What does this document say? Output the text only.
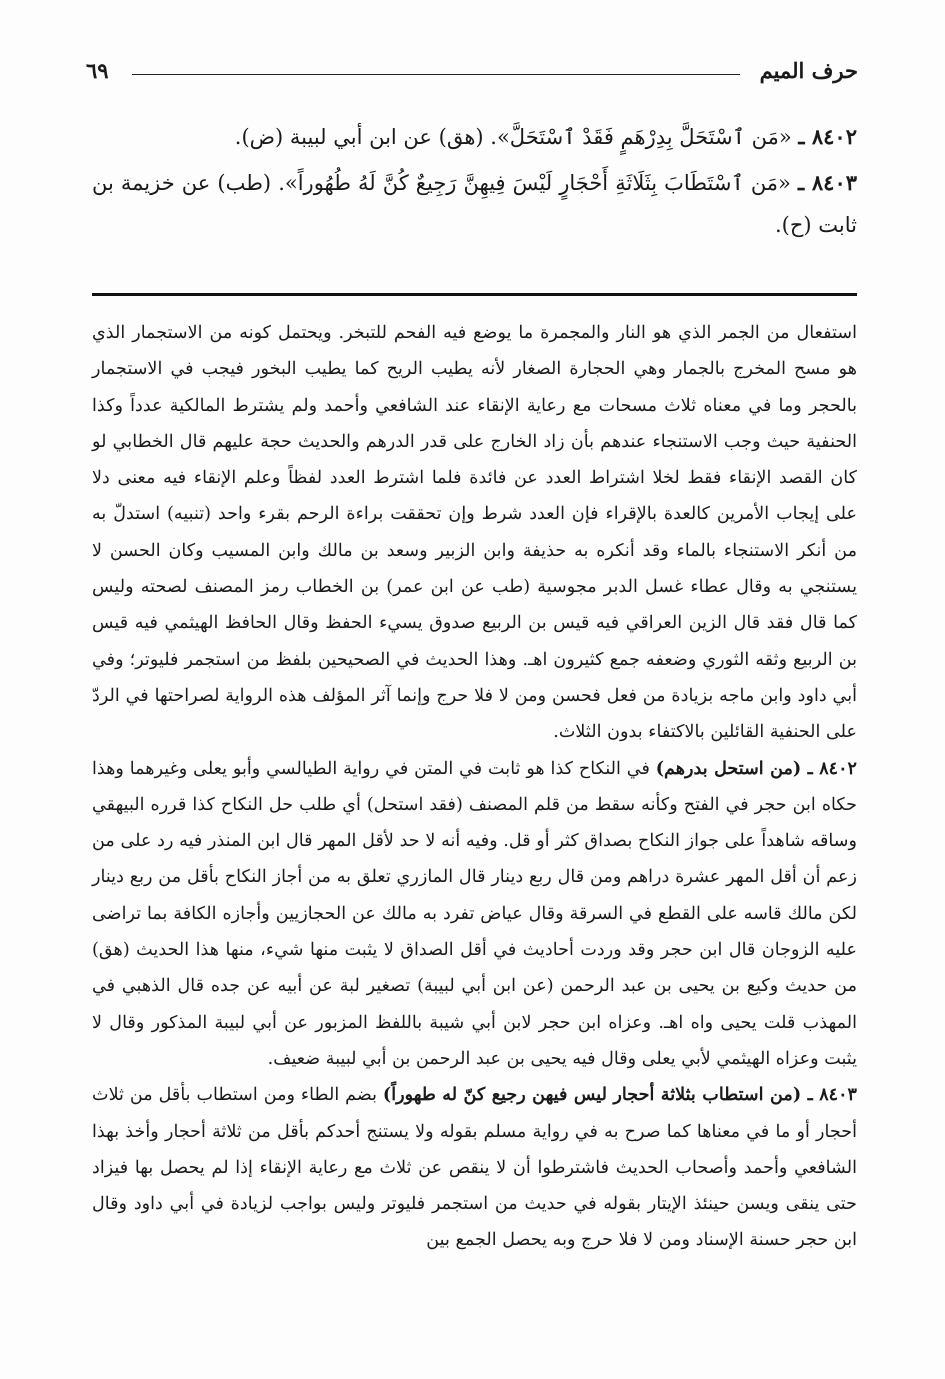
حرف الميم
٦٩

٨٤٠٢ ـ «مَن ٱسْتَحَلَّ بِدِرْهَمٍ فَقَدْ ٱسْتَحَلَّ». (هق) عن ابن أبي لبيبة (ض).

٨٤٠٣ ـ «مَن ٱسْتَطَابَ بِثَلَاثَةِ أَحْجَارٍ لَيْسَ فِيهِنَّ رَجِيعٌ كُنَّ لَهُ طُهُوراً». (طب) عن خزيمة بن ثابت (ح).

استفعال من الجمر الذي هو النار والمجمرة ما يوضع فيه الفحم للتبخر. ويحتمل كونه من الاستجمار الذي هو مسح المخرج بالجمار وهي الحجارة الصغار لأنه يطيب الريح كما يطيب البخور فيجب في الاستجمار بالحجر وما في معناه ثلاث مسحات مع رعاية الإنقاء عند الشافعي وأحمد ولم يشترط المالكية عدداً وكذا الحنفية حيث وجب الاستنجاء عندهم بأن زاد الخارج على قدر الدرهم والحديث حجة عليهم قال الخطابي لو كان القصد الإنقاء فقط لخلا اشتراط العدد عن فائدة فلما اشترط العدد لفظاً وعلم الإنقاء فيه معنى دلا على إيجاب الأمرين كالعدة بالإقراء فإن العدد شرط وإن تحققت براءة الرحم بقرء واحد (تنبيه) استدلّ به من أنكر الاستنجاء بالماء وقد أنكره به حذيفة وابن الزبير وسعد بن مالك وابن المسيب وكان الحسن لا يستنجي به وقال عطاء غسل الدبر مجوسية (طب عن ابن عمر) بن الخطاب رمز المصنف لصحته وليس كما قال فقد قال الزين العراقي فيه قيس بن الربيع صدوق يسيء الحفظ وقال الحافظ الهيثمي فيه قيس بن الربيع وثقه الثوري وضعفه جمع كثيرون اهـ. وهذا الحديث في الصحيحين بلفظ من استجمر فليوتر؛ وفي أبي داود وابن ماجه بزيادة من فعل فحسن ومن لا فلا حرج وإنما آثر المؤلف هذه الرواية لصراحتها في الردّ على الحنفية القائلين بالاكتفاء بدون الثلاث.

٨٤٠٢ ـ (من استحل بدرهم) في النكاح كذا هو ثابت في المتن في رواية الطيالسي وأبو يعلى وغيرهما وهذا حكاه ابن حجر في الفتح وكأنه سقط من قلم المصنف (فقد استحل) أي طلب حل النكاح كذا قرره البيهقي وساقه شاهداً على جواز النكاح بصداق كثر أو قل. وفيه أنه لا حد لأقل المهر قال ابن المنذر فيه رد على من زعم أن أقل المهر عشرة دراهم ومن قال ربع دينار قال المازري تعلق به من أجاز النكاح بأقل من ربع دينار لكن مالك قاسه على القطع في السرقة وقال عياض تفرد به مالك عن الحجازيين وأجازه الكافة بما تراضى عليه الزوجان قال ابن حجر وقد وردت أحاديث في أقل الصداق لا يثبت منها شيء، منها هذا الحديث (هق) من حديث وكيع بن يحيى بن عبد الرحمن (عن ابن أبي لبيبة) تصغير لبة عن أبيه عن جده قال الذهبي في المهذب قلت يحيى واه اهـ. وعزاه ابن حجر لابن أبي شيبة باللفظ المزبور عن أبي لبيبة المذكور وقال لا يثبت وعزاه الهيثمي لأبي يعلى وقال فيه يحيى بن عبد الرحمن بن أبي لبيبة ضعيف.

٨٤٠٣ ـ (من استطاب بثلاثة أحجار ليس فيهن رجيع كنّ له طهوراً) بضم الطاء ومن استطاب بأقل من ثلاث أحجار أو ما في معناها كما صرح به في رواية مسلم بقوله ولا يستنج أحدكم بأقل من ثلاثة أحجار وأخذ بهذا الشافعي وأحمد وأصحاب الحديث فاشترطوا أن لا ينقص عن ثلاث مع رعاية الإنقاء إذا لم يحصل بها فيزاد حتى ينقى ويسن حينئذ الإيتار بقوله في حديث من استجمر فليوتر وليس بواجب لزيادة في أبي داود وقال ابن حجر حسنة الإسناد ومن لا فلا حرج وبه يحصل الجمع بين
